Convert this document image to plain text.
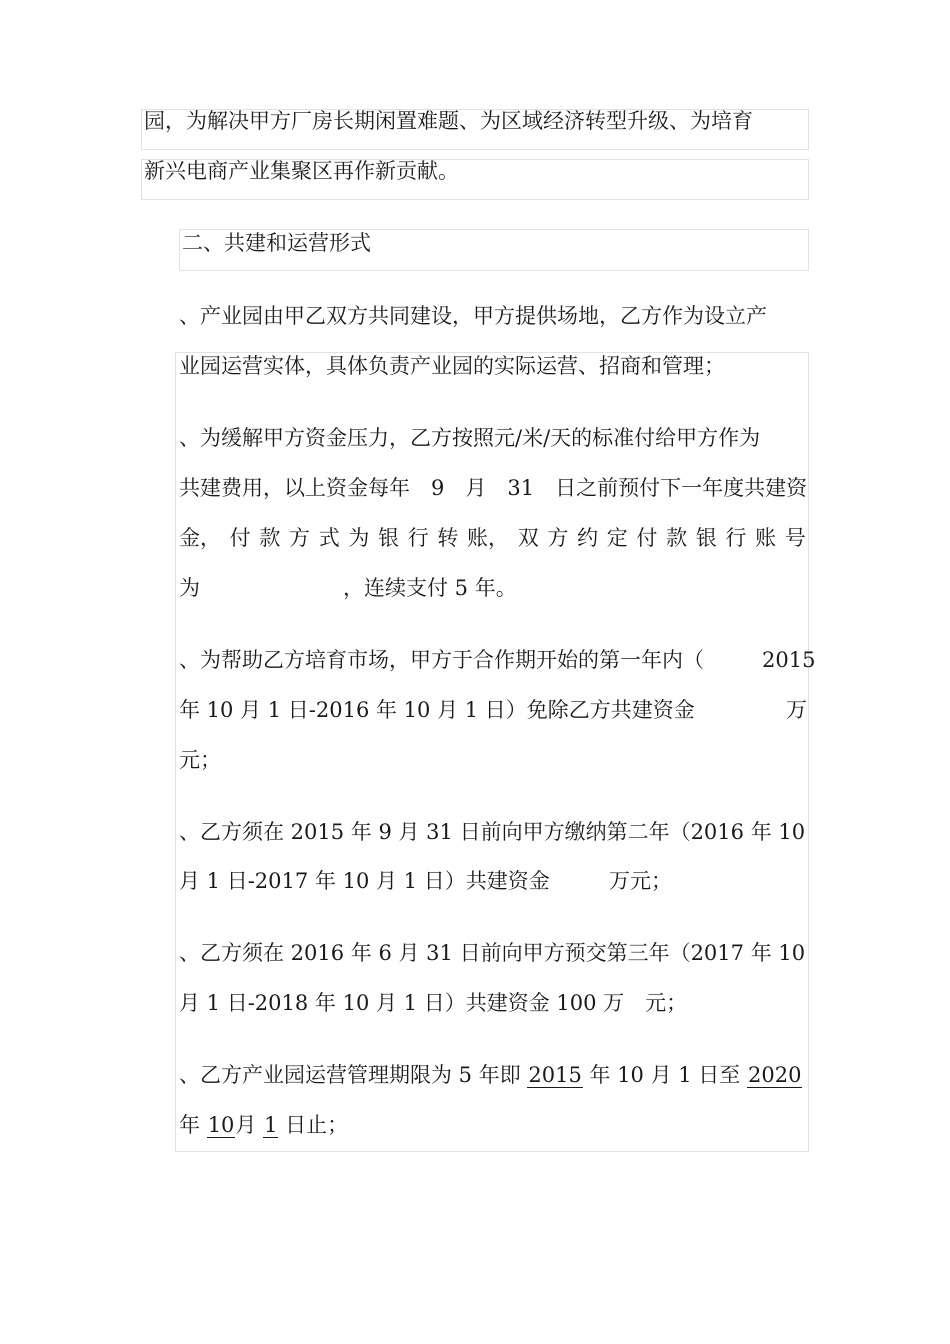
园，为解决甲方厂房长期闲置难题、为区域经济转型升级、为培育
新兴电商产业集聚区再作新贡献。
二、共建和运营形式
、产业园由甲乙双方共同建设，甲方提供场地，乙方作为设立产
业园运营实体，具体负责产业园的实际运营、招商和管理；
、为缓解甲方资金压力，乙方按照元/米/天的标准付给甲方作为
共建费用，以上资金每年　9　月　31　日之前预付下一年度共建资
金， 付 款 方 式 为 银 行 转 账， 双 方 约 定 付 款 银 行 账 号
为	，连续支付 5 年。
、为帮助乙方培育市场，甲方于合作期开始的第一年内（	2015
年 10 月 1 日-2016 年 10 月 1 日）免除乙方共建资金	万
元；
、乙方须在 2015 年 9 月 31 日前向甲方缴纳第二年（2016 年 10
月 1 日-2017 年 10 月 1 日）共建资金	万元；
、乙方须在 2016 年 6 月 31 日前向甲方预交第三年（2017 年 10
月 1 日-2018 年 10 月 1 日）共建资金 100 万　元；
、乙方产业园运营管理期限为 5 年即 2015 年 10 月 1 日至 2020
年 10月 1 日止；
